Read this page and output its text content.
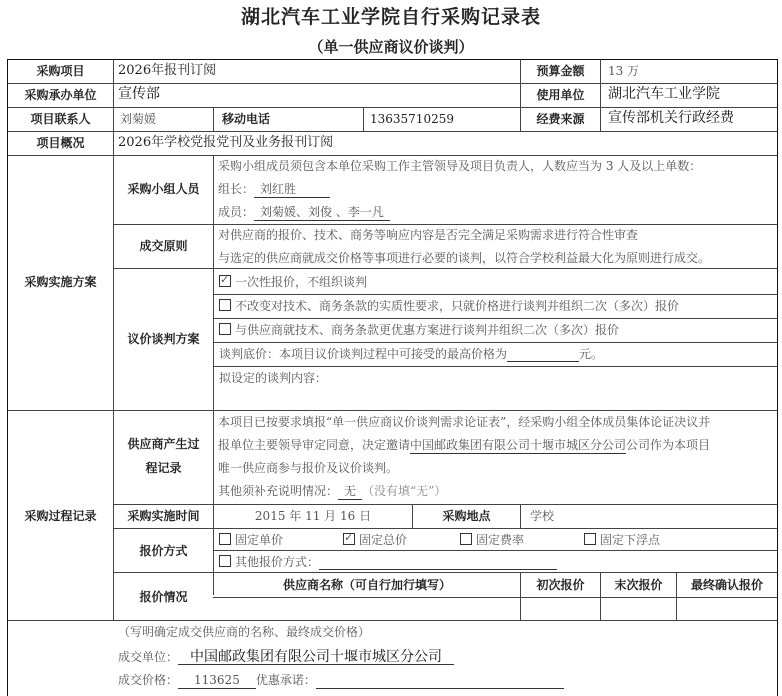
湖北汽车工业学院自行采购记录表
（单一供应商议价谈判）
采购项目	2026年报刊订阅	预算金额	13 万
采购承办单位	宣传部	使用单位	湖北汽车工业学院
项目联系人	刘菊媛	移动电话	13635710259	经费来源	宣传部机关行政经费
项目概况	2026年学校党报党刊及业务报刊订阅
采购实施方案
采购小组人员
采购小组成员须包含本单位采购工作主管领导及项目负责人，人数应当为 3 人及以上单数：
组长： 刘红胜
成员： 刘菊媛、刘俊 、李一凡
成交原则
对供应商的报价、技术、商务等响应内容是否完全满足采购需求进行符合性审查
与选定的供应商就成交价格等事项进行必要的谈判，以符合学校利益最大化为原则进行成交。
议价谈判方案
✓一次性报价，不组织谈判
不改变对技术、商务条款的实质性要求，只就价格进行谈判并组织二次（多次）报价
与供应商就技术、商务条款更优惠方案进行谈判并组织二次（多次）报价
谈判底价：本项目议价谈判过程中可接受的最高价格为	元。
拟设定的谈判内容：
采购过程记录
供应商产生过
程记录
本项目已按要求填报“单一供应商议价谈判需求论证表”，经采购小组全体成员集体论证决议并
报单位主要领导审定同意，决定邀请中国邮政集团有限公司十堰市城区分公司公司作为本项目
唯一供应商参与报价及议价谈判。
其他须补充说明情况： 无 （没有填“无”）
采购实施时间	2015 年 11 月 16 日	采购地点	学校
报价方式
固定单价
✓	固定总价	固定费率	固定下浮点
其他报价方式：
报价情况
供应商名称（可自行加行填写）	初次报价	末次报价	最终确认报价
（写明确定成交供应商的名称、最终成交价格）
成交单位： 中国邮政集团有限公司十堰市城区分公司
成交价格： 113625 优惠承诺：
